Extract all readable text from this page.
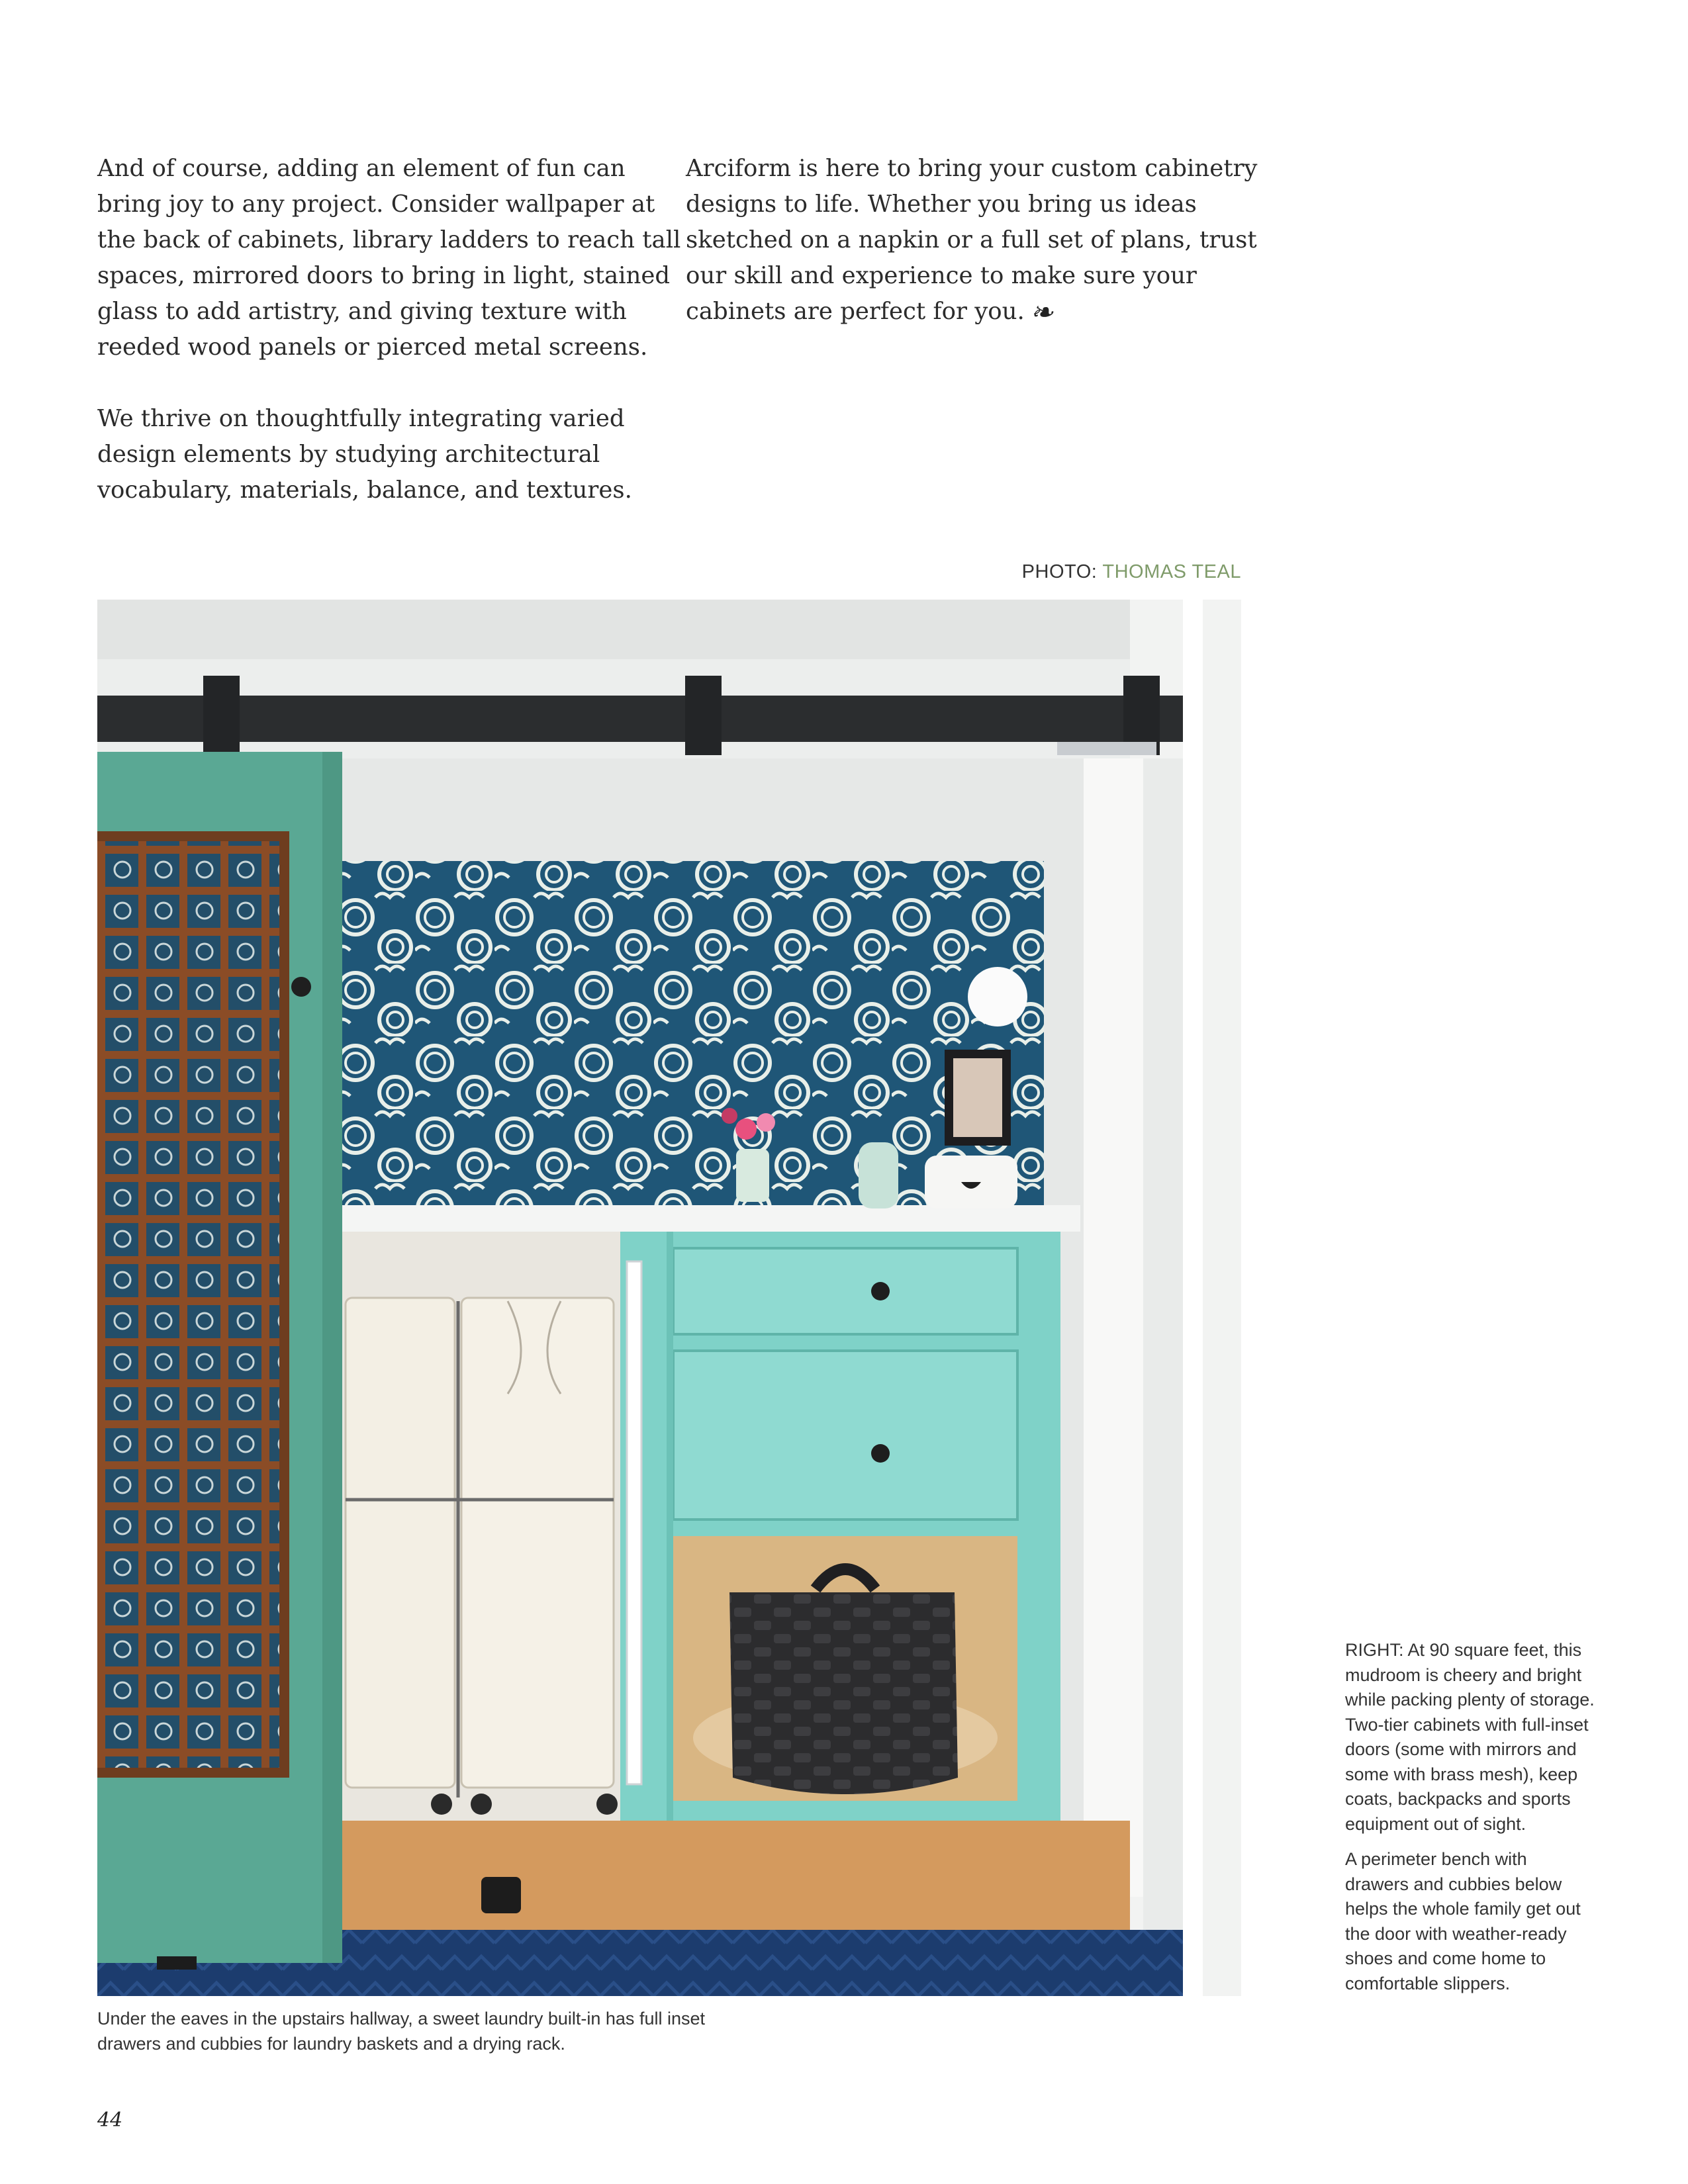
And of course, adding an element of fun can
bring joy to any project. Consider wallpaper at
the back of cabinets, library ladders to reach tall
spaces, mirrored doors to bring in light, stained
glass to add artistry, and giving texture with
reeded wood panels or pierced metal screens.

We thrive on thoughtfully integrating varied
design elements by studying architectural
vocabulary, materials, balance, and textures.

Arciform is here to bring your custom cabinetry
designs to life. Whether you bring us ideas
sketched on a napkin or a full set of plans, trust
our skill and experience to make sure your
cabinets are perfect for you. ❧

PHOTO: THOMAS TEAL
Under the eaves in the upstairs hallway, a sweet laundry built-in has full inset
drawers and cubbies for laundry baskets and a drying rack.

RIGHT: At 90 square feet, this
mudroom is cheery and bright
while packing plenty of storage.
Two-tier cabinets with full-inset
doors (some with mirrors and
some with brass mesh), keep
coats, backpacks and sports
equipment out of sight.

A perimeter bench with
drawers and cubbies below
helps the whole family get out
the door with weather-ready
shoes and come home to
comfortable slippers.

44
